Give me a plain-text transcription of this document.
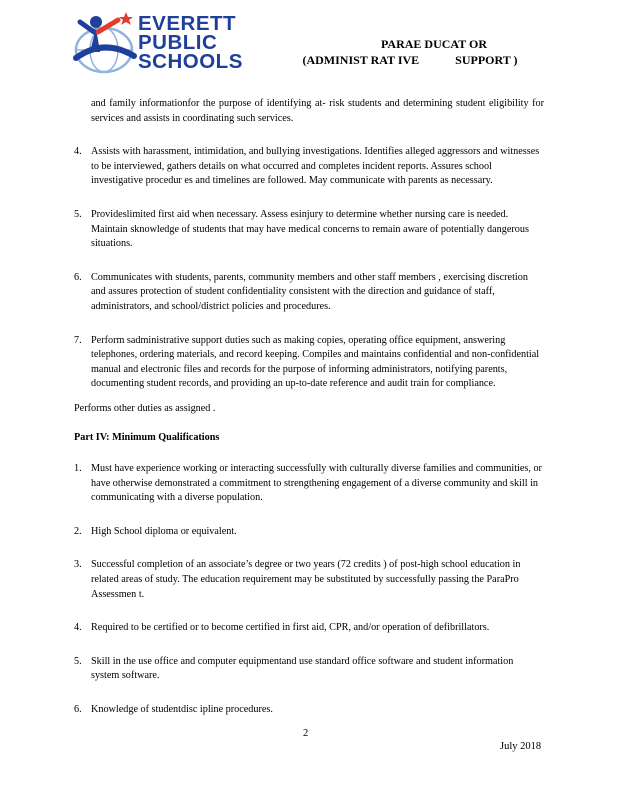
EVERETT
PUBLIC
SCHOOLS
PARAE DUCAT OR
(ADMINIST RAT IVE            SUPPORT )

and family informationfor the purpose of identifying at- risk students and determining student eligibility for services and assists in coordinating such services.

4. Assists with harassment, intimidation, and bullying investigations. Identifies alleged aggressors and witnesses to be interviewed, gathers details on what occurred and completes incident reports. Assures school investigative procedur es and timelines are followed. May communicate with parents as necessary.
5. Provideslimited first aid when necessary. Assess esinjury to determine whether nursing care is needed. Maintain sknowledge of students that may have medical concerns to remain aware of potentially dangerous situations.
6. Communicates with students, parents, community members and other staff members , exercising discretion and assures protection of student confidentiality consistent with the direction and guidance of staff, administrators, and school/district policies and procedures.
7. Perform sadministrative support duties such as making copies, operating office equipment, answering telephones, ordering materials, and record keeping. Compiles and maintains confidential and non-confidential manual and electronic files and records for the purpose of informing administrators, notifying parents, documenting student records, and providing an up-to-date reference and audit train for compliance.

Performs other duties as assigned .

Part IV: Minimum Qualifications
1. Must have experience working or interacting successfully with culturally diverse families and communities, or have otherwise demonstrated a commitment to strengthening engagement of a diverse community and skill in communicating with a diverse population.
2. High School diploma or equivalent.
3. Successful completion of an associate’s degree or two years (72 credits ) of post-high school education in related areas of study. The education requirement may be substituted by successfully passing the ParaPro Assessmen t.
4. Required to be certified or to become certified in first aid, CPR, and/or operation of defibrillators.
5. Skill in the use office and computer equipmentand use standard office software and student information system software.
6. Knowledge of studentdisc ipline procedures.
2
July 2018
